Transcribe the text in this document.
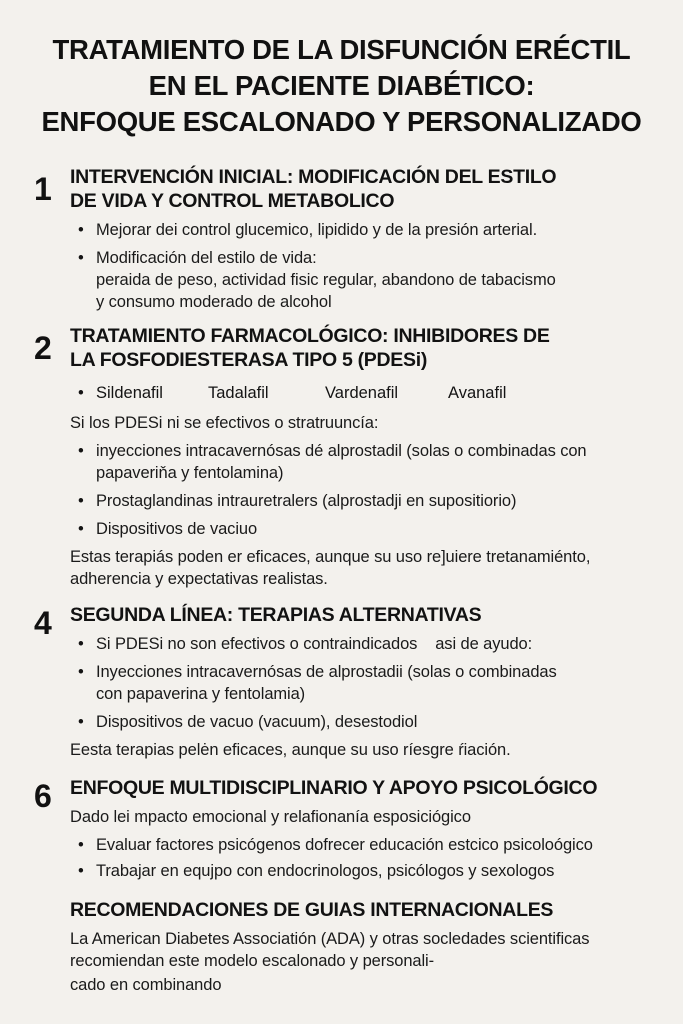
TRATAMIENTO DE LA DISFUNCIÓN ERÉCTIL
EN EL PACIENTE DIABÉTICO:
ENFOQUE ESCALONADO Y PERSONALIZADO
1 INTERVENCIÓN INICIAL: MODIFICACIÓN DEL ESTILO
DE VIDA Y CONTROL METABOLICO
•
Mejorar dei control glucemico, lipidido y de la presión arterial.
•
Modificación del estilo de vida:
peraida de peso, actividad fisic regular, abandono de tabacismo
y consumo moderado de alcohol
2 TRATAMIENTO FARMACOLÓGICO: INHIBIDORES DE
LA FOSFODIESTERASA TIPO 5 (PDESi)
•
Sildenafil	Tadalafil	Vardenafil	Avanafil
Si los PDESi ni se efectivos o stratruuncía:
•
inyecciones intracavernósas dé alprostadil (solas o combinadas con
papaveriňa y fentolamina)
•
Prostaglandinas intrauretralers (alprostadji en supositiorio)
•
Dispositivos de vaciuo
Estas terapiás poden er eficaces, aunque su uso re]uiere tretanamiénto,
adherencia y expectativas realistas.
4 SEGUNDA LÍNEA: TERAPIAS ALTERNATIVAS
•
Si PDESi no son efectivos o contraindicados    asi de ayudo:
•
Inyecciones intracavernósas de alprostadii (solas o combinadas
con papaverina y fentolamia)
•
Dispositivos de vacuo (vacuum), desestodiol
Eesta terapias pelėn eficaces, aunque su uso ríesgre ŕiación.
6 ENFOQUE MULTIDISCIPLINARIO Y APOYO PSICOLÓGICO
Dado lei mpacto emocional y relafionanía esposiciógico
•
Evaluar factores psicógenos dofrecer educación estcico psicoloógico
•
Trabajar en equjpo con endocrinologos, psicólogos y sexologos
RECOMENDACIONES DE GUIAS INTERNACIONALES
La American Diabetes Associatión (ADA) y otras socledades scientificas
recomiendan este modelo escalonado y personali-
cado en combinando
